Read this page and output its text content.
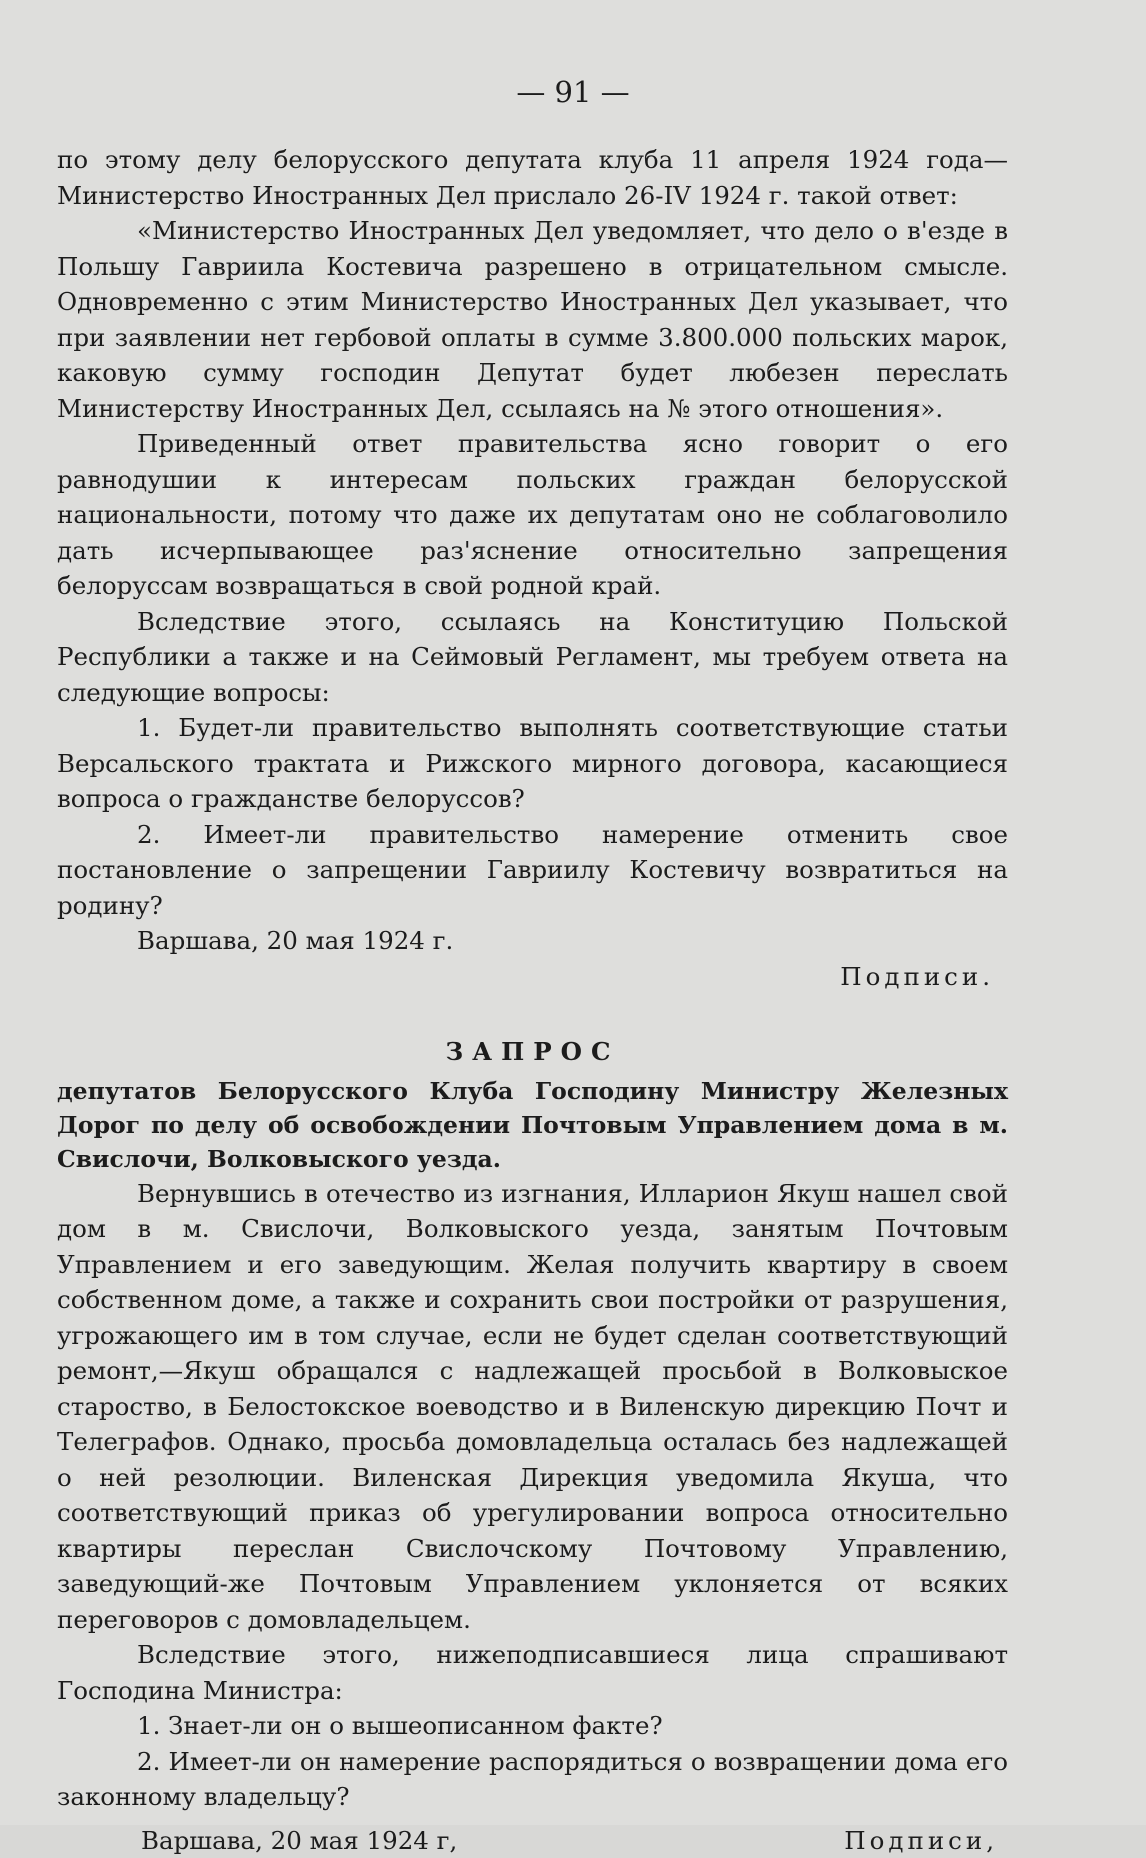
— 91 —

по этому делу белорусского депутата клуба 11 апреля 1924 года—Министерство Иностранных Дел прислало 26-IV 1924 г. такой ответ:

«Министерство Иностранных Дел уведомляет, что дело о в'езде в Польшу Гавриила Костевича разрешено в отрицательном смысле. Одновременно с этим Министерство Иностранных Дел указывает, что при заявлении нет гербовой оплаты в сумме 3.800.000 польских марок, каковую сумму господин Депутат будет любезен переслать Министерству Иностранных Дел, ссылаясь на № этого отношения».

Приведенный ответ правительства ясно говорит о его равнодушии к интересам польских граждан белорусской национальности, потому что даже их депутатам оно не соблаговолило дать исчерпывающее раз'яснение относительно запрещения белоруссам возвращаться в свой родной край.

Вследствие этого, ссылаясь на Конституцию Польской Республики а также и на Сеймовый Регламент, мы требуем ответа на следующие вопросы:

1. Будет-ли правительство выполнять соответствующие статьи Версальского трактата и Рижского мирного договора, касающиеся вопроса о гражданстве белоруссов?

2. Имеет-ли правительство намерение отменить свое постановление о запрещении Гавриилу Костевичу возвратиться на родину?

Варшава, 20 мая 1924 г.

Подписи.

ЗАПРОС

депутатов Белорусского Клуба Господину Министру Железных Дорог по делу об освобождении Почтовым Управлением дома в м. Свислочи, Волковыского уезда.

Вернувшись в отечество из изгнания, Илларион Якуш нашел свой дом в м. Свислочи, Волковыского уезда, занятым Почтовым Управлением и его заведующим. Желая получить квартиру в своем собственном доме, а также и сохранить свои постройки от разрушения, угрожающего им в том случае, если не будет сделан соответствующий ремонт,—Якуш обращался с надлежащей просьбой в Волковыское староство, в Белостокское воеводство и в Виленскую дирекцию Почт и Телеграфов. Однако, просьба домовладельца осталась без надлежащей о ней резолюции. Виленская Дирекция уведомила Якуша, что соответствующий приказ об урегулировании вопроса относительно квартиры переслан Свислочскому Почтовому Управлению, заведующий-же Почтовым Управлением уклоняется от всяких переговоров с домовладельцем.

Вследствие этого, нижеподписавшиеся лица спрашивают Господина Министра:

1. Знает-ли он о вышеописанном факте?

2. Имеет-ли он намерение распорядиться о возвращении дома его законному владельцу?

Варшава, 20 мая 1924 г,	Подписи,
